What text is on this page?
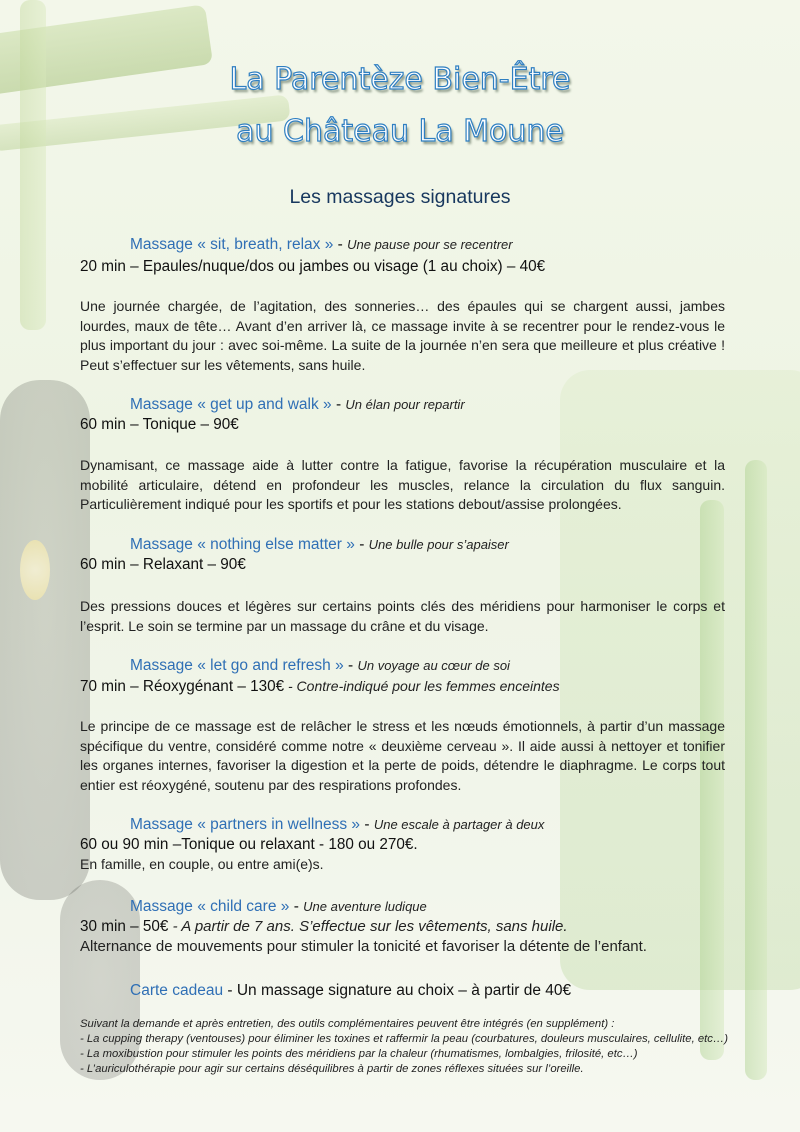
La Parentèze Bien-Être
au Château La Moune
Les massages signatures
Massage « sit, breath, relax » - Une pause pour se recentrer
20 min – Epaules/nuque/dos ou jambes ou visage (1 au choix) – 40€
Une journée chargée, de l’agitation, des sonneries… des épaules qui se chargent aussi, jambes lourdes, maux de tête… Avant d’en arriver là, ce massage invite à se recentrer pour le rendez-vous le plus important du jour : avec soi-même. La suite de la journée n’en sera que meilleure et plus créative ! Peut s’effectuer sur les vêtements, sans huile.
Massage « get up and walk » - Un élan pour repartir
60 min – Tonique – 90€
Dynamisant, ce massage aide à lutter contre la fatigue, favorise la récupération musculaire et la mobilité articulaire, détend en profondeur les muscles, relance la circulation du flux sanguin. Particulièrement indiqué pour les sportifs et pour les stations debout/assise prolongées.
Massage « nothing else matter » - Une bulle pour s’apaiser
60 min – Relaxant – 90€
Des pressions douces et légères sur certains points clés des méridiens pour harmoniser le corps et l’esprit. Le soin se termine par un massage du crâne et du visage.
Massage « let go and refresh » - Un voyage au cœur de soi
70 min – Réoxygénant – 130€ - Contre-indiqué pour les femmes enceintes
Le principe de ce massage est de relâcher le stress et les nœuds émotionnels, à partir d’un massage spécifique du ventre, considéré comme notre « deuxième cerveau ». Il aide aussi à nettoyer et tonifier les organes internes, favoriser la digestion et la perte de poids, détendre le diaphragme. Le corps tout entier est réoxygéné, soutenu par des respirations profondes.
Massage « partners in wellness » - Une escale à partager à deux
60 ou 90 min –Tonique ou relaxant - 180 ou 270€.
En famille, en couple, ou entre ami(e)s.
Massage « child care » - Une aventure ludique
30 min – 50€ - A partir de 7 ans. S’effectue sur les vêtements, sans huile.
Alternance de mouvements pour stimuler la tonicité et favoriser la détente de l’enfant.
Carte cadeau - Un massage signature au choix – à partir de 40€
Suivant la demande et après entretien, des outils complémentaires peuvent être intégrés (en supplément) :
- La cupping therapy (ventouses) pour éliminer les toxines et raffermir la peau (courbatures, douleurs musculaires, cellulite, etc…)
- La moxibustion pour stimuler les points des méridiens par la chaleur (rhumatismes, lombalgies, frilosité, etc…)
- L’auriculothérapie pour agir sur certains déséquilibres à partir de zones réflexes situées sur l’oreille.
